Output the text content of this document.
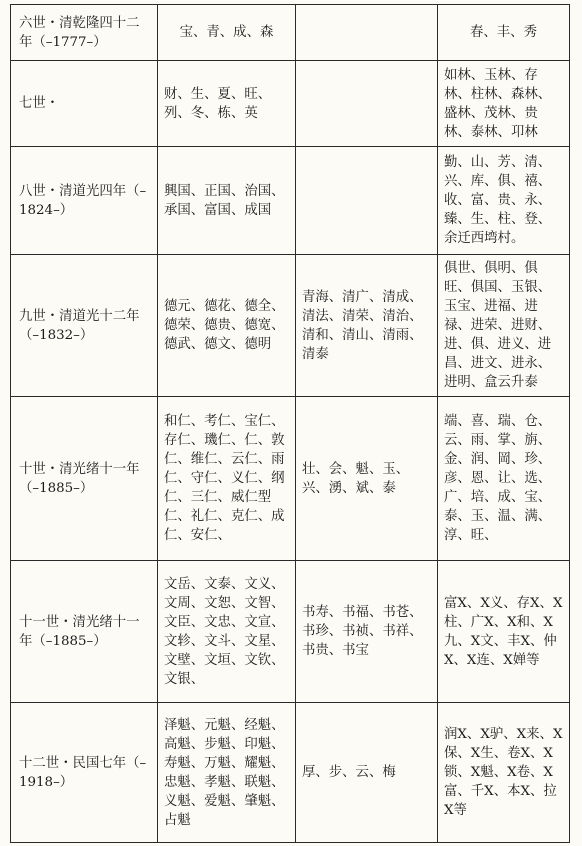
六世・清乾隆四十二年（–1777–）	宝、青、成、森		春、丰、秀
七世・	财、生、夏、旺、列、冬、栋、英		如林、玉林、存林、柱林、森林、盛林、茂林、贵林、泰林、卭林
八世・清道光四年（–1824–）	興国、正国、治国、承国、富国、成国		勤、山、芳、清、兴、库、俱、禧、收、富、贵、永、臻、生、柱、登、余迁西塆村。
九世・清道光十二年（–1832–）	德元、德花、德全、德荣、德贵、德宽、德武、德文、德明	青海、清广、清成、清法、清荣、清治、清和、清山、清雨、清泰	俱世、俱明、俱旺、俱国、玉银、玉宝、进福、进禄、进荣、进财、进、俱、进义、进昌、进文、进永、进明、盒云升泰
十世・清光绪十一年（–1885–）	和仁、考仁、宝仁、存仁、璣仁、仁、敦仁、维仁、云仁、雨仁、守仁、义仁、纲仁、三仁、威仁型仁、礼仁、克仁、成仁、安仁、	壮、会、魁、玉、兴、湧、斌、泰	端、喜、瑞、仓、云、雨、掌、旃、金、润、岡、珍、彦、恩、让、选、广、培、成、宝、泰、玉、温、满、淳、旺、
十一世・清光绪十一年（–1885–）	文岳、文泰、文义、文周、文恕、文智、文臣、文忠、文宣、文轸、文斗、文星、文壁、文垣、文钦、文银、	书寿、书福、书苍、书珍、书祯、书祥、书贵、书宝	富X、X义、存X、X柱、广X、X和、X九、X文、丰X、仲X、X连、X婵等
十二世・民国七年（–1918–）	泽魁、元魁、经魁、高魁、步魁、印魁、寿魁、万魁、耀魁、忠魁、孝魁、联魁、义魁、爱魁、肇魁、占魁	厚、步、云、梅	润X、X驴、X来、X保、X生、卷X、X锁、X魁、X卷、X富、千X、本X、拉X等
